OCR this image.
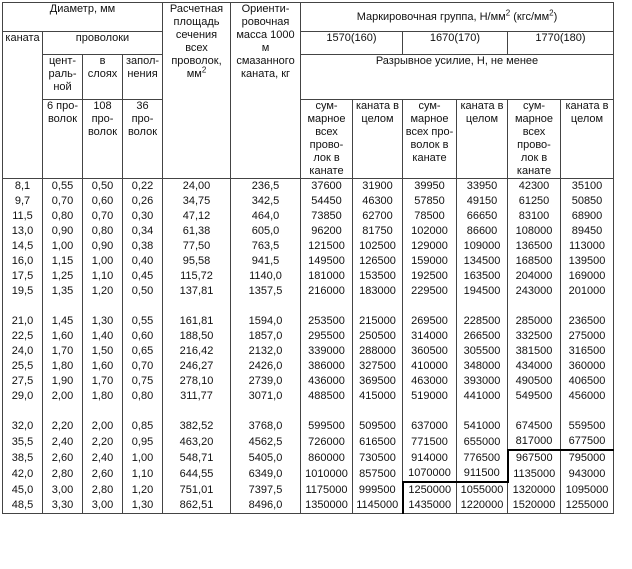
Диаметр, мм				Расчетная площадь сечения всех проволок, $мм^2$	Ориенти-ровочная масса 1000 м смазанного каната, кг	Маркировочная группа, $Н/мм^2$ $(кгс/мм^2)$					
каната	проволоки					1570(160)		1670(170)		1770(180)	
	цент-раль-ной	в слоях	запол-нения			Разрывное усилие, Н, не менее					
	6 про-волок	108 про-волок	36 про-волок			сум-марное всех прово-лок в канате	каната в целом	сум-марное всех про-волок в канате	каната в целом	сум-марное всех прово-лок в канате	каната в целом
8,1	0,55	0,50	0,22	24,00	236,5	37600	31900	39950	33950	42300	35100
9,7	0,70	0,60	0,26	34,75	342,5	54450	46300	57850	49150	61250	50850
11,5	0,80	0,70	0,30	47,12	464,0	73850	62700	78500	66650	83100	68900
13,0	0,90	0,80	0,34	61,38	605,0	96200	81750	102000	86600	108000	89450
14,5	1,00	0,90	0,38	77,50	763,5	121500	102500	129000	109000	136500	113000
16,0	1,15	1,00	0,40	95,58	941,5	149500	126500	159000	134500	168500	139500
17,5	1,25	1,10	0,45	115,72	1140,0	181000	153500	192500	163500	204000	169000
19,5	1,35	1,20	0,50	137,81	1357,5	216000	183000	229500	194500	243000	201000

21,0	1,45	1,30	0,55	161,81	1594,0	253500	215000	269500	228500	285000	236500
22,5	1,60	1,40	0,60	188,50	1857,0	295500	250500	314000	266500	332500	275000
24,0	1,70	1,50	0,65	216,42	2132,0	339000	288000	360500	305500	381500	316500
25,5	1,80	1,60	0,70	246,27	2426,0	386000	327500	410000	348000	434000	360000
27,5	1,90	1,70	0,75	278,10	2739,0	436000	369500	463000	393000	490500	406500
29,0	2,00	1,80	0,80	311,77	3071,0	488500	415000	519000	441000	549500	456000

32,0	2,20	2,00	0,85	382,52	3768,0	599500	509500	637000	541000	674500	559500
35,5	2,40	2,20	0,95	463,20	4562,5	726000	616500	771500	655000	817000	677500
38,5	2,60	2,40	1,00	548,71	5405,0	860000	730500	914000	776500	967500	795000
42,0	2,80	2,60	1,10	644,55	6349,0	1010000	857500	1070000	911500	1135000	943000
45,0	3,00	2,80	1,20	751,01	7397,5	1175000	999500	1250000	1055000	1320000	1095000
48,5	3,30	3,00	1,30	862,51	8496,0	1350000	1145000	1435000	1220000	1520000	1255000
